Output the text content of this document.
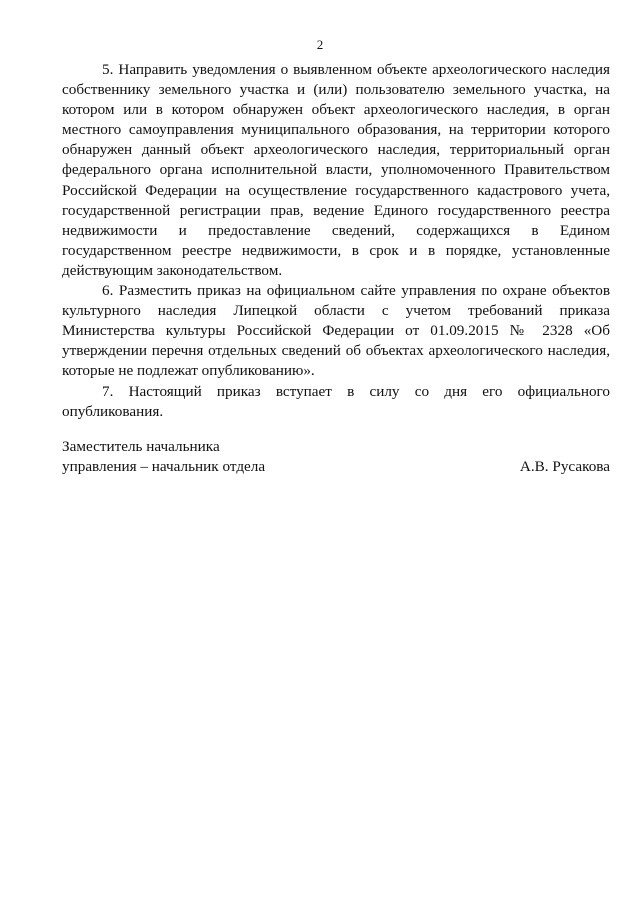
2

5. Направить уведомления о выявленном объекте археологического наследия собственнику земельного участка и (или) пользователю земельного участка, на котором или в котором обнаружен объект археологического наследия, в орган местного самоуправления муниципального образования, на территории которого обнаружен данный объект археологического наследия, территориальный орган федерального органа исполнительной власти, уполномоченного Правительством Российской Федерации на осуществление государственного кадастрового учета, государственной регистрации прав, ведение Единого государственного реестра недвижимости и предоставление сведений, содержащихся в Едином государственном реестре недвижимости, в срок и в порядке, установленные действующим законодательством.

6. Разместить приказ на официальном сайте управления по охране объектов культурного наследия Липецкой области с учетом требований приказа Министерства культуры Российской Федерации от 01.09.2015 № 2328 «Об утверждении перечня отдельных сведений об объектах археологического наследия, которые не подлежат опубликованию».

7. Настоящий приказ вступает в силу со дня его официального опубликования.

Заместитель начальника
управления – начальник отдела	А.В. Русакова
